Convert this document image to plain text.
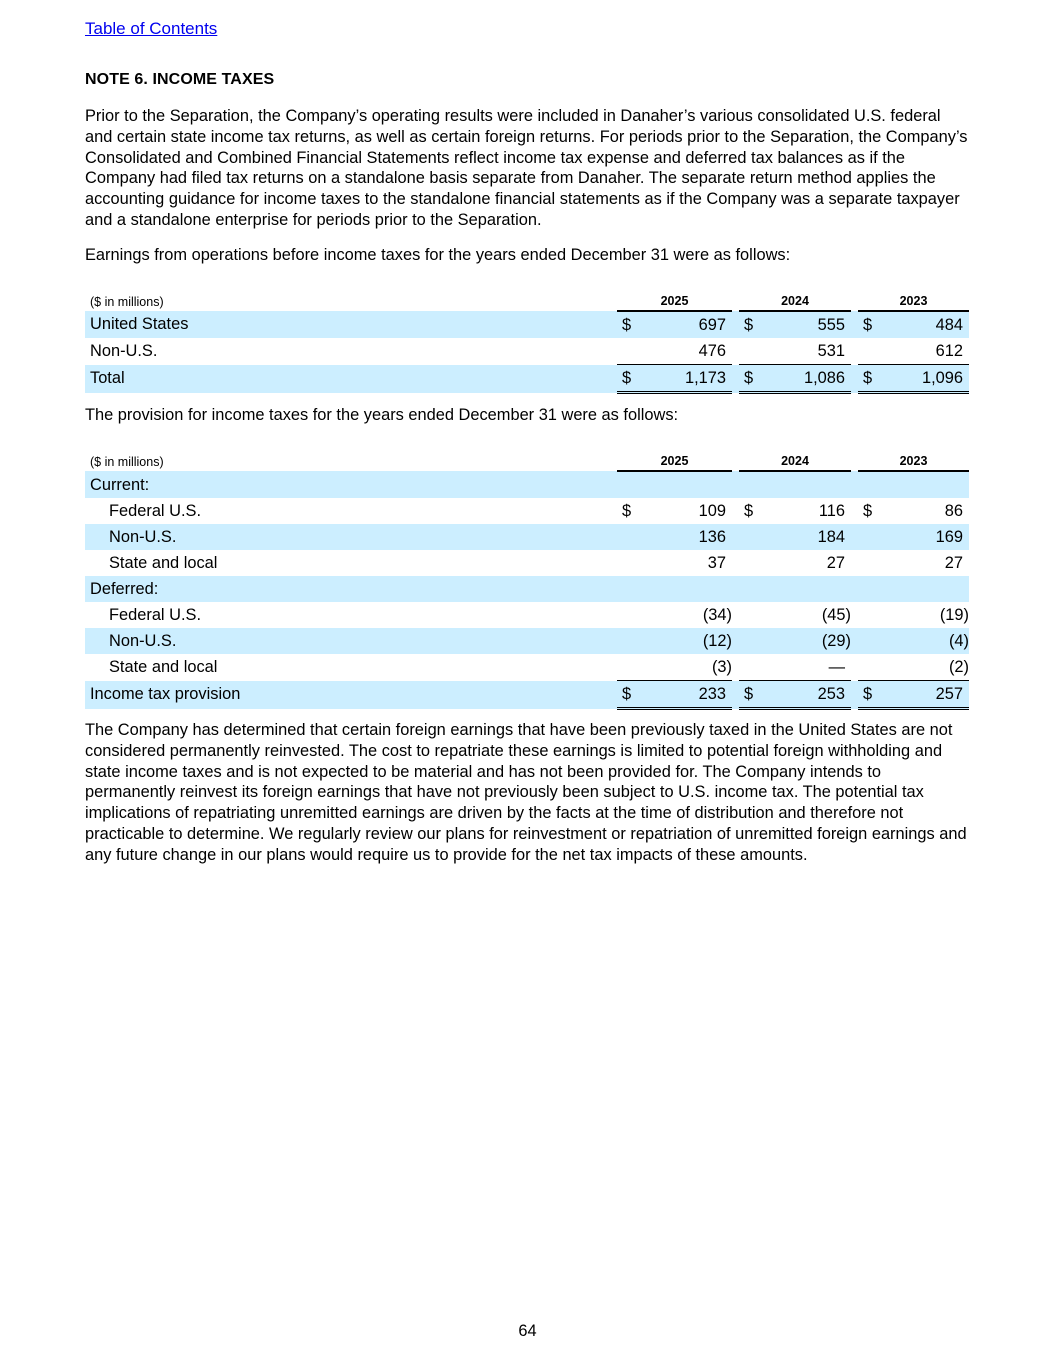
Table of Contents
NOTE 6. INCOME TAXES
Prior to the Separation, the Company’s operating results were included in Danaher’s various consolidated U.S. federal and certain state income tax returns, as well as certain foreign returns. For periods prior to the Separation, the Company’s Consolidated and Combined Financial Statements reflect income tax expense and deferred tax balances as if the Company had filed tax returns on a standalone basis separate from Danaher. The separate return method applies the accounting guidance for income taxes to the standalone financial statements as if the Company was a separate taxpayer and a standalone enterprise for periods prior to the Separation.
Earnings from operations before income taxes for the years ended December 31 were as follows:
($ in millions)	2025			2024			2023	
United States	$	697		$	555		$	484
Non-U.S.		476			531			612
Total	$	1,173		$	1,086		$	1,096
The provision for income taxes for the years ended December 31 were as follows:
($ in millions)	2025			2024			2023	
Current:								
Federal U.S.	$	109		$	116		$	86
Non-U.S.		136			184			169
State and local		37			27			27
Deferred:								
Federal U.S.		(34)			(45)			(19)
Non-U.S.		(12)			(29)			(4)
State and local		(3)			—			(2)
Income tax provision	$	233		$	253		$	257
The Company has determined that certain foreign earnings that have been previously taxed in the United States are not considered permanently reinvested. The cost to repatriate these earnings is limited to potential foreign withholding and state income taxes and is not expected to be material and has not been provided for. The Company intends to permanently reinvest its foreign earnings that have not previously been subject to U.S. income tax. The potential tax implications of repatriating unremitted earnings are driven by the facts at the time of distribution and therefore not practicable to determine. We regularly review our plans for reinvestment or repatriation of unremitted foreign earnings and any future change in our plans would require us to provide for the net tax impacts of these amounts.
64
